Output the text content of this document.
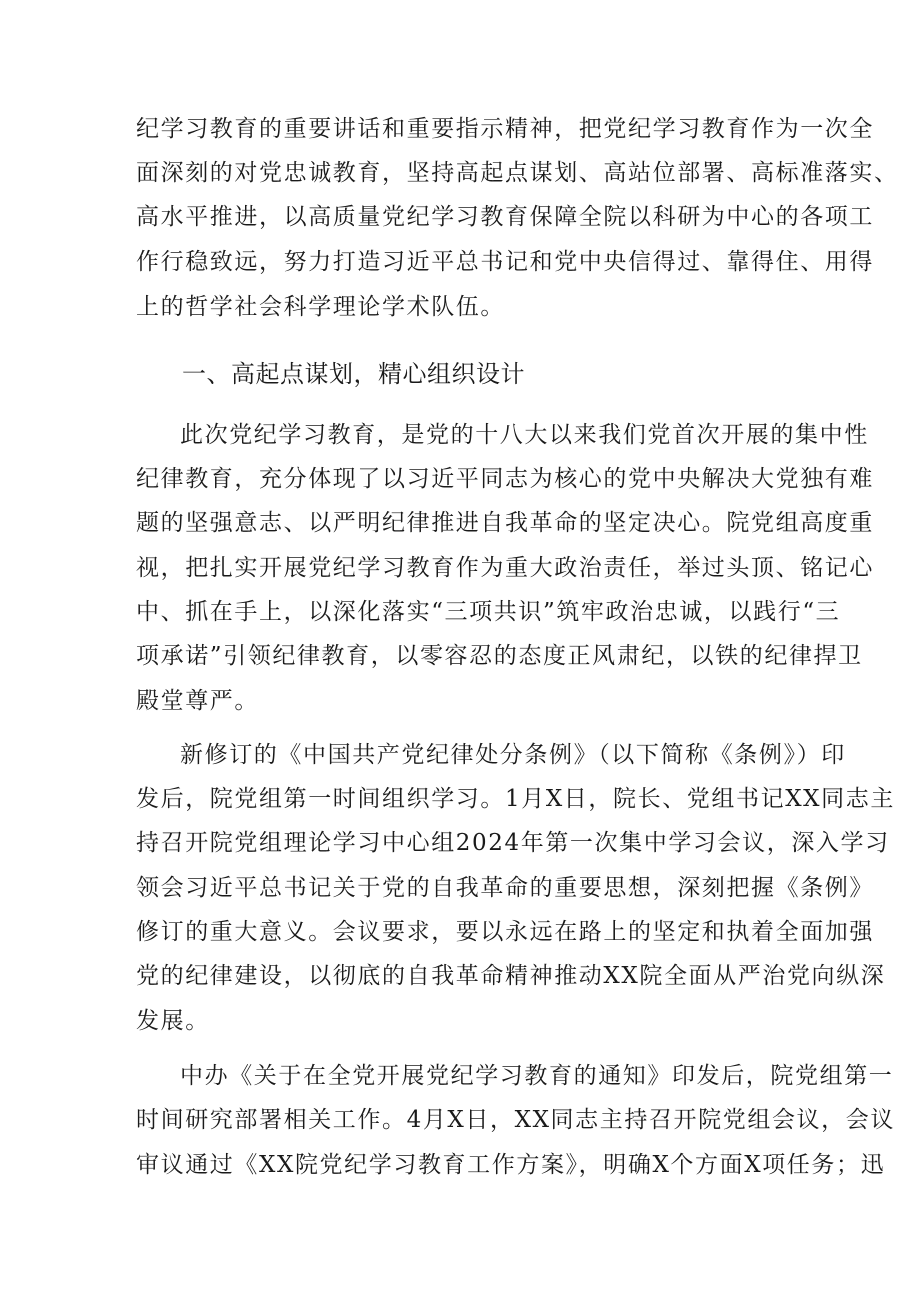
纪学习教育的重要讲话和重要指示精神，把党纪学习教育作为一次全
面深刻的对党忠诚教育，坚持高起点谋划、高站位部署、高标准落实、
高水平推进，以高质量党纪学习教育保障全院以科研为中心的各项工
作行稳致远，努力打造习近平总书记和党中央信得过、靠得住、用得
上的哲学社会科学理论学术队伍。
一、高起点谋划，精心组织设计
此次党纪学习教育，是党的十八大以来我们党首次开展的集中性
纪律教育，充分体现了以习近平同志为核心的党中央解决大党独有难
题的坚强意志、以严明纪律推进自我革命的坚定决心。院党组高度重
视，把扎实开展党纪学习教育作为重大政治责任，举过头顶、铭记心
中、抓在手上，以深化落实“三项共识”筑牢政治忠诚，以践行“三
项承诺”引领纪律教育，以零容忍的态度正风肃纪，以铁的纪律捍卫
殿堂尊严。
新修订的《中国共产党纪律处分条例》（以下简称《条例》）印
发后，院党组第一时间组织学习。1月X日，院长、党组书记XX同志主
持召开院党组理论学习中心组2024年第一次集中学习会议，深入学习
领会习近平总书记关于党的自我革命的重要思想，深刻把握《条例》
修订的重大意义。会议要求，要以永远在路上的坚定和执着全面加强
党的纪律建设，以彻底的自我革命精神推动XX院全面从严治党向纵深
发展。
中办《关于在全党开展党纪学习教育的通知》印发后，院党组第一
时间研究部署相关工作。4月X日，XX同志主持召开院党组会议，会议
审议通过《XX院党纪学习教育工作方案》，明确X个方面X项任务；迅
